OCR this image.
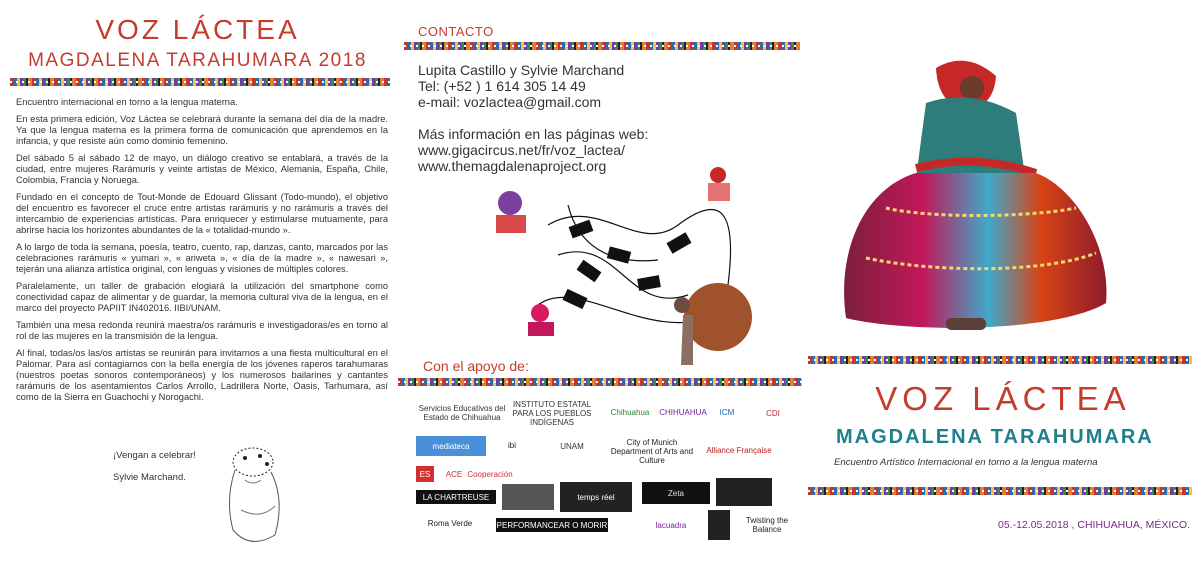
VOZ LÁCTEA
MAGDALENA TARAHUMARA 2018

Encuentro internacional en torno a la lengua materna.

En esta primera edición, Voz Láctea se celebrará durante la semana del día de la madre. Ya que la lengua materna es la primera forma de comunicación que aprendemos en la infancia, y que resiste aún como dominio femenino.

Del sábado 5 al sábado 12 de mayo, un diálogo creativo se entablará, a través de la ciudad, entre mujeres Rarámuris y veinte artistas de México, Alemania, España, Chile, Colombia, Francia y Noruega.

Fundado en el concepto de Tout-Monde de Edouard Glissant (Todo-mundo), el objetivo del encuentro es favorecer el cruce entre artistas rarámuris y no rarámuris a través del intercambio de experiencias artísticas. Para enriquecer y estimularse mutuamente, para abrirse hacia los horizontes abundantes de la « totalidad-mundo ».

A lo largo de toda la semana, poesía, teatro, cuento, rap, danzas, canto, marcados por las celebraciones rarámuris « yumari », « ariweta », « día de la madre », « nawesari », tejerán una alianza artística original, con lenguas y visiones de múltiples colores.

Paralelamente, un taller de grabación elogiará la utilización del smartphone como conectividad capaz de alimentar y de guardar, la memoria cultural viva de la lengua, en el marco del proyecto PAPIIT IN402016. IIBI/UNAM.

También una mesa redonda reunirá maestra/os rarámuris e investigadoras/es en torno al rol de las mujeres en la transmisión de la lengua.

Al final, todas/os las/os artistas se reunirán para invitarnos a una fiesta multicultural en el Palomar. Para así contagiarnos con la bella energía de los jóvenes raperos tarahumaras (nuestros poetas sonoros contemporáneos) y los numerosos bailarines y cantantes rarámuris de los asentamientos Carlos Arrollo, Ladrillera Norte, Oasis, Tarhumara, así como de la Sierra en Guachochi y Norogachi.

¡Vengan a celebrar!
Sylvie Marchand.
CONTACTO
Lupita Castillo y Sylvie Marchand
Tel: (+52 ) 1 614 305 14 49
e-mail: vozlactea@gmail.com
Más información en las páginas web:
www.gigacircus.net/fr/voz_lactea/
www.themagdalenaproject.org
Con el apoyo de:
Servicios Educativos del Estado de Chihuahua
INSTITUTO ESTATAL PARA LOS PUEBLOS INDÍGENAS
Chihuahua CHIHUAHUA	ICM	CDI
mediateca	ibi	UNAM	City of Munich Department of Arts and Culture
Alliance Française
ES	ACE Cooperación
LA CHARTREUSE	temps réel	Zeta
Roma Verde	PERFORMANCEAR O MORIR	lacuadra	Twisting the Balance
VOZ LÁCTEA
MAGDALENA TARAHUMARA
Encuentro Artístico Internacional en torno a la lengua materna
05.-12.05.2018 , CHIHUAHUA, MÉXICO.
